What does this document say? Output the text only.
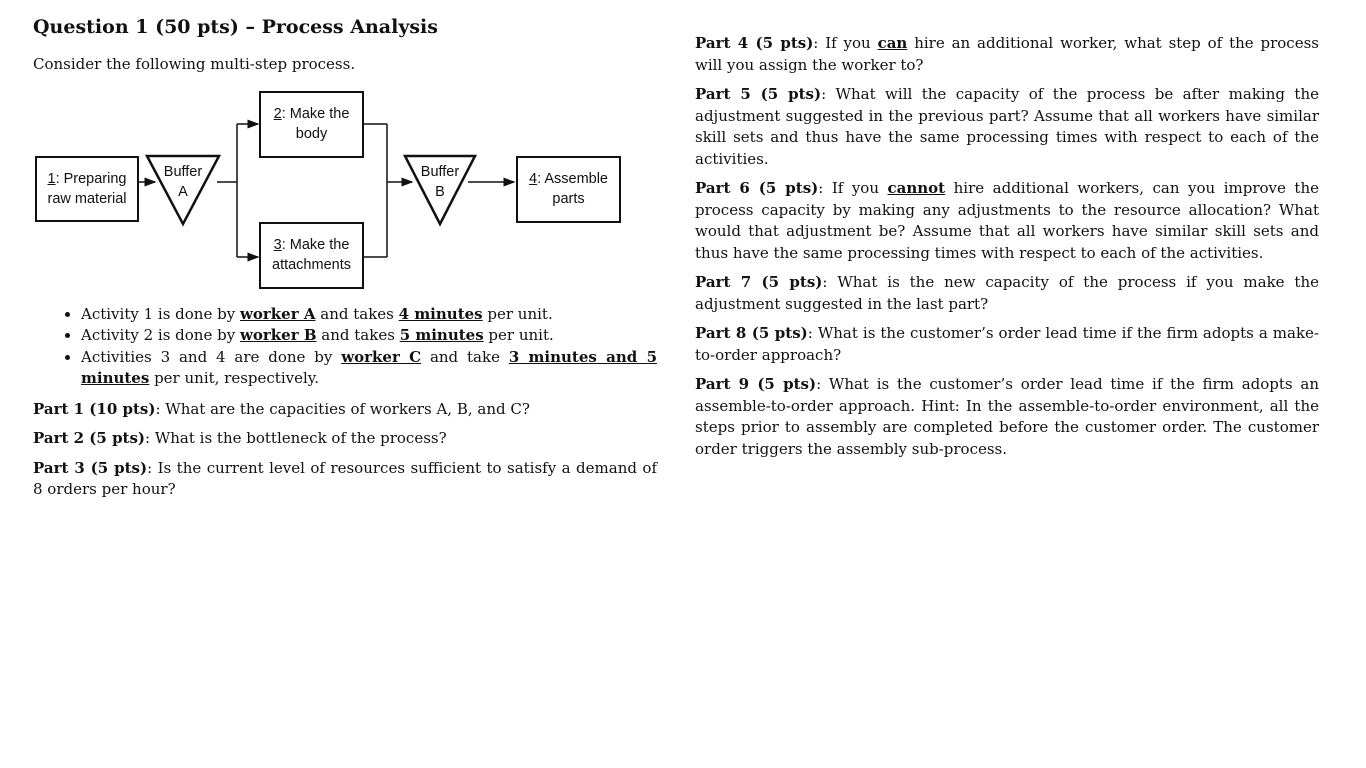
Question 1 (50 pts) – Process Analysis

Consider the following multi-step process.

1: Preparing raw material
Buffer
A
2: Make the body
3: Make the attachments
Buffer
B
4: Assemble parts
• Activity 1 is done by worker A and takes 4 minutes per unit.
• Activity 2 is done by worker B and takes 5 minutes per unit.
• Activities 3 and 4 are done by worker C and take 3 minutes and 5 minutes per unit, respectively.

Part 1 (10 pts): What are the capacities of workers A, B, and C?

Part 2 (5 pts): What is the bottleneck of the process?

Part 3 (5 pts): Is the current level of resources sufficient to satisfy a demand of 8 orders per hour?

Part 4 (5 pts): If you can hire an additional worker, what step of the process will you assign the worker to?

Part 5 (5 pts): What will the capacity of the process be after making the adjustment suggested in the previous part? Assume that all workers have similar skill sets and thus have the same processing times with respect to each of the activities.

Part 6 (5 pts): If you cannot hire additional workers, can you improve the process capacity by making any adjustments to the resource allocation? What would that adjustment be? Assume that all workers have similar skill sets and thus have the same processing times with respect to each of the activities.

Part 7 (5 pts): What is the new capacity of the process if you make the adjustment suggested in the last part?

Part 8 (5 pts): What is the customer’s order lead time if the firm adopts a make-to-order approach?

Part 9 (5 pts): What is the customer’s order lead time if the firm adopts an assemble-to-order approach. Hint: In the assemble-to-order environment, all the steps prior to assembly are completed before the customer order. The customer order triggers the assembly sub-process.
